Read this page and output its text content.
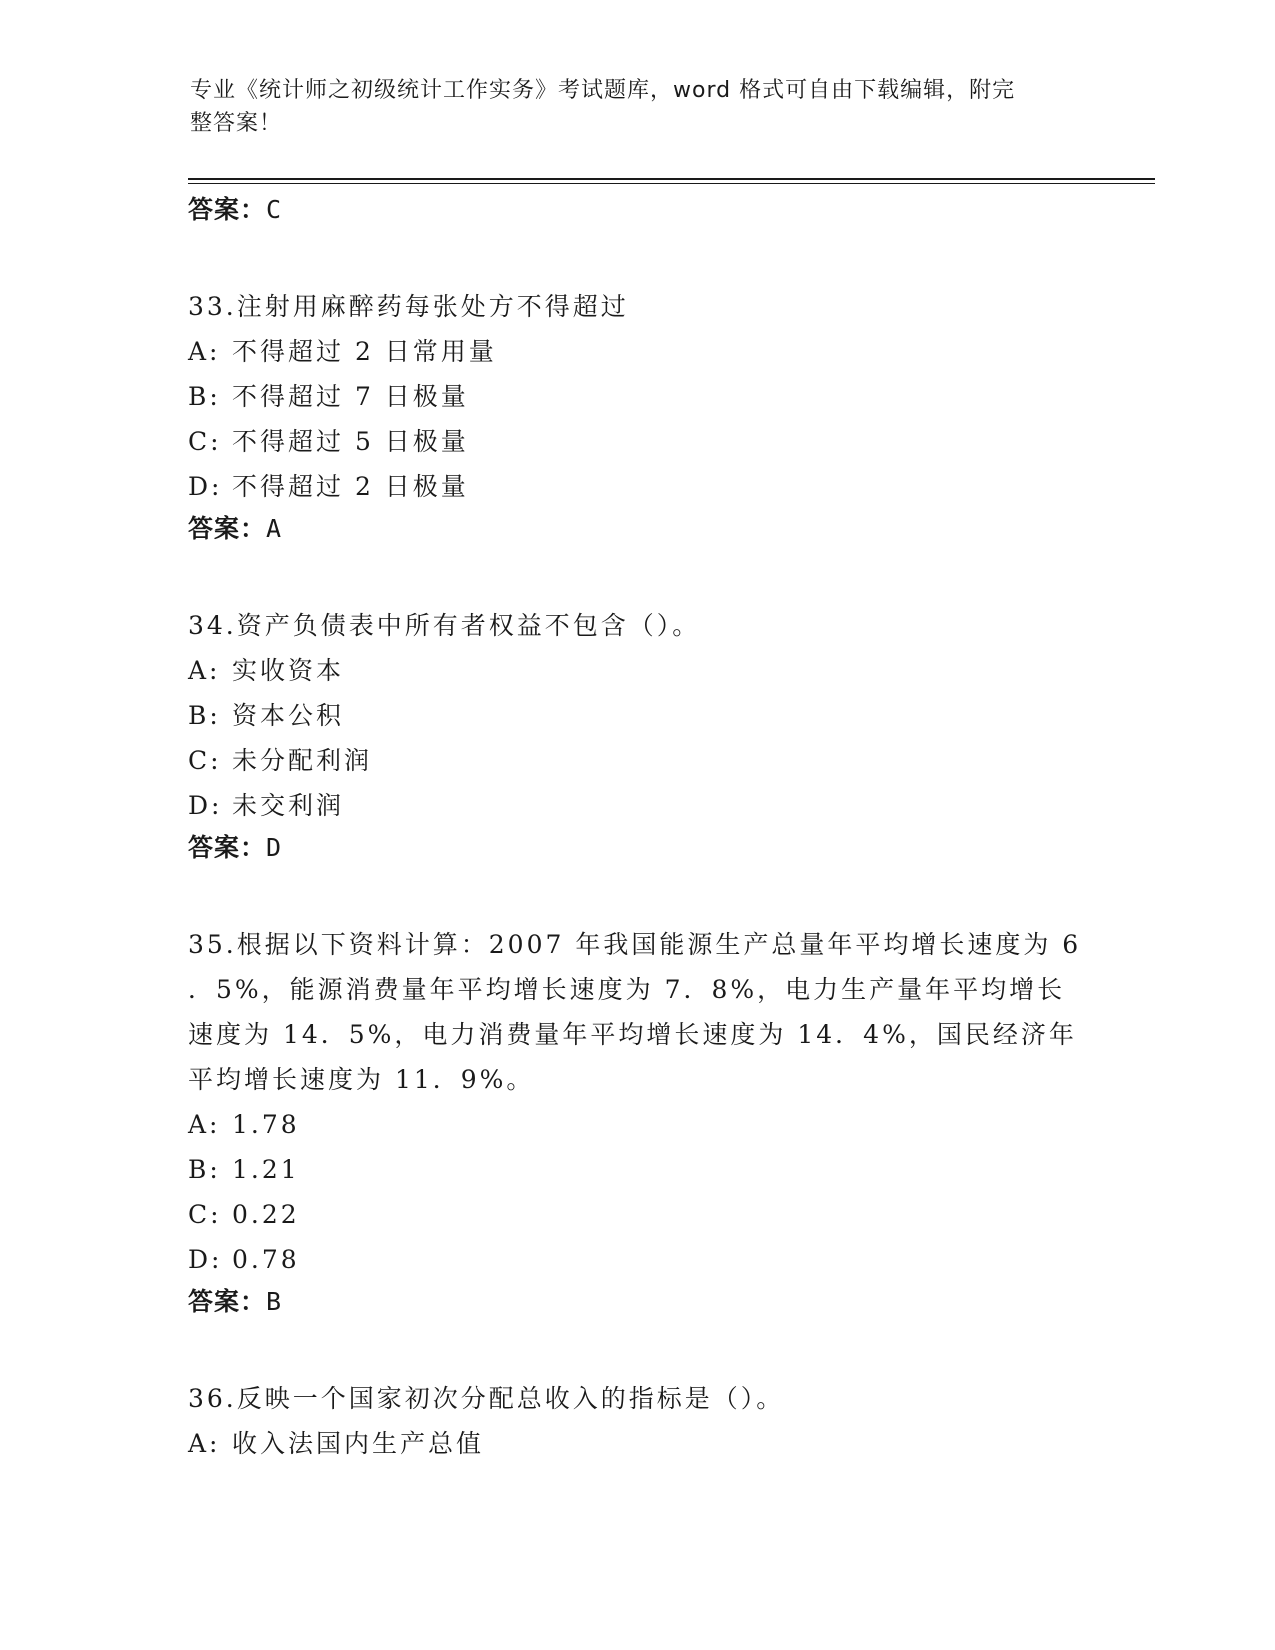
专业《统计师之初级统计工作实务》考试题库，word 格式可自由下载编辑，附完
整答案！
答案：C
33.注射用麻醉药每张处方不得超过
A: 不得超过 2 日常用量
B: 不得超过 7 日极量
C: 不得超过 5 日极量
D: 不得超过 2 日极量
答案：A
34.资产负债表中所有者权益不包含（）。
A: 实收资本
B: 资本公积
C: 未分配利润
D: 未交利润
答案：D
35.根据以下资料计算：2007 年我国能源生产总量年平均增长速度为 6
．5%，能源消费量年平均增长速度为 7．8%，电力生产量年平均增长
速度为 14．5%，电力消费量年平均增长速度为 14．4%，国民经济年
平均增长速度为 11．9%。
A: 1.78
B: 1.21
C: 0.22
D: 0.78
答案：B
36.反映一个国家初次分配总收入的指标是（）。
A: 收入法国内生产总值
